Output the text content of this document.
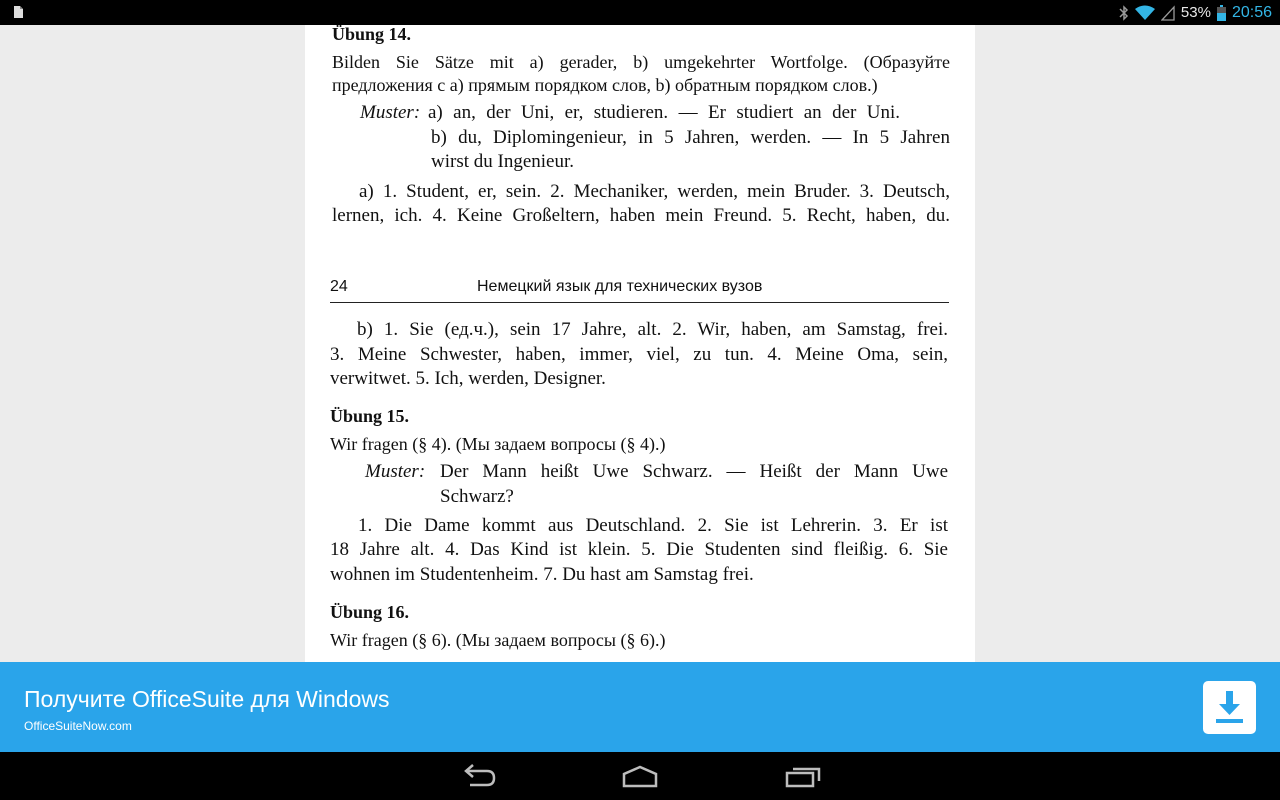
53% 20:56
Übung 14.
Bilden Sie Sätze mit a) gerader, b) umgekehrter Wortfolge. (Образуйте
предложения с а) прямым порядком слов, b) обратным порядком слов.)
Muster: a) an, der Uni, er, studieren. — Er studiert an der Uni.
b) du, Diplomingenieur, in 5 Jahren, werden. — In 5 Jahren
wirst du Ingenieur.
a) 1. Student, er, sein. 2. Mechaniker, werden, mein Bruder. 3. Deutsch,
lernen, ich. 4. Keine Großeltern, haben mein Freund. 5. Recht, haben, du.
24	Немецкий язык для технических вузов
b) 1. Sie (ед.ч.), sein 17 Jahre, alt. 2. Wir, haben, am Samstag, frei.
3. Meine Schwester, haben, immer, viel, zu tun. 4. Meine Oma, sein,
verwitwet. 5. Ich, werden, Designer.
Übung 15.
Wir fragen (§ 4). (Мы задаем вопросы (§ 4).)
Muster: Der Mann heißt Uwe Schwarz. — Heißt der Mann Uwe
Schwarz?
1. Die Dame kommt aus Deutschland. 2. Sie ist Lehrerin. 3. Er ist
18 Jahre alt. 4. Das Kind ist klein. 5. Die Studenten sind fleißig. 6. Sie
wohnen im Studentenheim. 7. Du hast am Samstag frei.
Übung 16.
Wir fragen (§ 6). (Мы задаем вопросы (§ 6).)
Получите OfficeSuite для Windows
OfficeSuiteNow.com
